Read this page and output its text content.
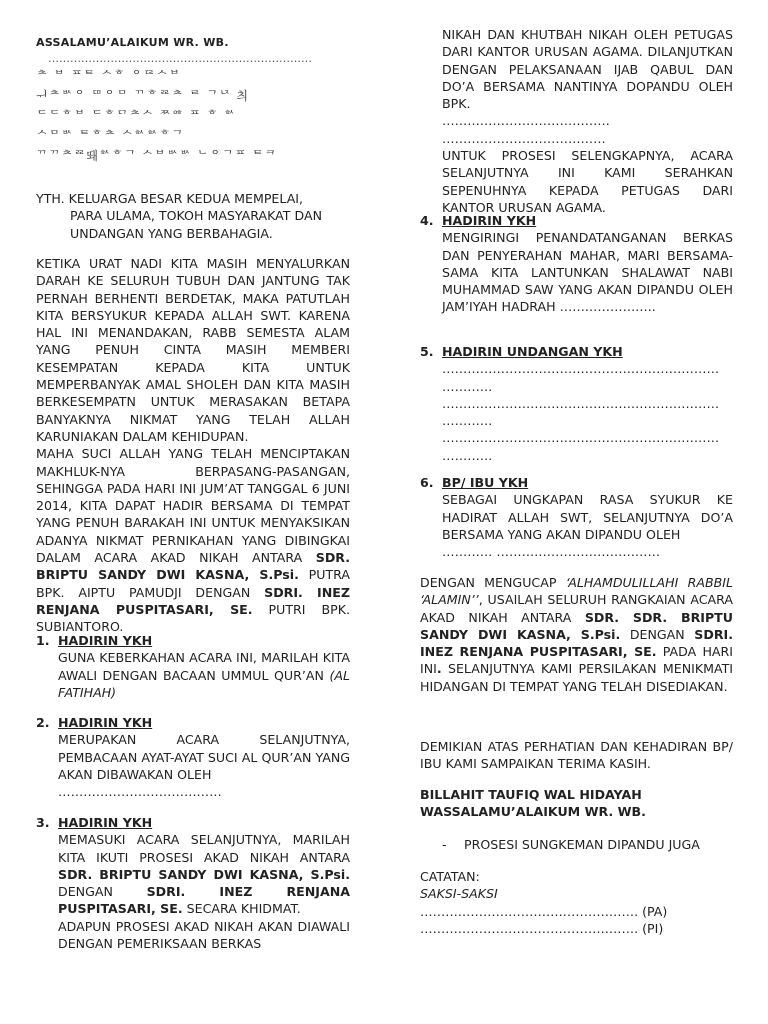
ASSALAMU’ALAIKUM WR. WB.

………………………………………………………………

ᄎ ᄇ ᄑᄐ ᄉᄒ ᄋᄃᄅᄉᄇ

ᅱᄎᄡᄋ ᄃᄆᄋᄆ ᄁᄒᄙᄎ ᄅ ᄀᄂᄌ 츼

ᄃᄃᄒᄇ ᄃᄒᄗᄎᄉ ᄍᄋᄒ ᄑ ᄒ ᄒᄉ

ᄉᄆᄡ ᄐᄒᄎ ᄉᄒᄉᄒᄉᄒᄀ

ᄁᄁᄎᄙ뙈ᄒᄉᄒᄀ ᄉᄇᄡᄡ ᄂᄋᄀᄑ ᄐᄏ

YTH. KELUARGA BESAR KEDUA MEMPELAI,

PARA ULAMA, TOKOH MASYARAKAT DAN UNDANGAN YANG BERBAHAGIA.

KETIKA URAT NADI KITA MASIH MENYALURKAN DARAH KE SELURUH TUBUH DAN JANTUNG TAK PERNAH BERHENTI BERDETAK, MAKA PATUTLAH KITA BERSYUKUR KEPADA ALLAH SWT. KARENA HAL INI MENANDAKAN, RABB SEMESTA ALAM YANG PENUH CINTA MASIH MEMBERI KESEMPATAN KEPADA KITA UNTUK MEMPERBANYAK AMAL SHOLEH DAN KITA MASIH BERKESEMPATN UNTUK MERASAKAN BETAPA BANYAKNYA NIKMAT YANG TELAH ALLAH KARUNIAKAN DALAM KEHIDUPAN.

MAHA SUCI ALLAH YANG TELAH MENCIPTAKAN MAKHLUK-NYA BERPASANG-PASANGAN, SEHINGGA PADA HARI INI JUM’AT TANGGAL 6 JUNI 2014, KITA DAPAT HADIR BERSAMA DI TEMPAT YANG PENUH BARAKAH INI UNTUK MENYAKSIKAN ADANYA NIKMAT PERNIKAHAN YANG DIBINGKAI DALAM ACARA AKAD NIKAH ANTARA SDR. BRIPTU SANDY DWI KASNA, S.Psi. PUTRA BPK. AIPTU PAMUDJI DENGAN SDRI. INEZ RENJANA PUSPITASARI, SE. PUTRI BPK. SUBIANTORO.

1. HADIRIN YKH

GUNA KEBERKAHAN ACARA INI, MARILAH KITA AWALI DENGAN BACAAN UMMUL QUR’AN (AL FATIHAH)

2. HADIRIN YKH

MERUPAKAN ACARA SELANJUTNYA, PEMBACAAN AYAT-AYAT SUCI AL QUR’AN YANG AKAN DIBAWAKAN OLEH

…………………………………

3. HADIRIN YKH

MEMASUKI ACARA SELANJUTNYA, MARILAH KITA IKUTI PROSESI AKAD NIKAH ANTARA SDR. BRIPTU SANDY DWI KASNA, S.Psi. DENGAN SDRI. INEZ RENJANA PUSPITASARI, SE. SECARA KHIDMAT.

ADAPUN PROSESI AKAD NIKAH AKAN DIAWALI DENGAN PEMERIKSAAN BERKAS

NIKAH DAN KHUTBAH NIKAH OLEH PETUGAS DARI KANTOR URUSAN AGAMA. DILANJUTKAN DENGAN PELAKSANAAN IJAB QABUL DAN DO’A BERSAMA NANTINYA DOPANDU OLEH BPK.

………………………………….

…………………………………

UNTUK PROSESI SELENGKAPNYA, ACARA SELANJUTNYA INI KAMI SERAHKAN SEPENUHNYA KEPADA PETUGAS DARI KANTOR URUSAN AGAMA.

4. HADIRIN YKH

MENGIRINGI PENANDATANGANAN BERKAS DAN PENYERAHAN MAHAR, MARI BERSAMA-SAMA KITA LANTUNKAN SHALAWAT NABI MUHAMMAD SAW YANG AKAN DIPANDU OLEH JAM’IYAH HADRAH …………………..

5. HADIRIN UNDANGAN YKH

…………………………………………………………

…………

…………………………………………………………

…………

…………………………………………………………

…………

6. BP/ IBU YKH

SEBAGAI UNGKAPAN RASA SYUKUR KE HADIRAT ALLAH SWT, SELANJUTNYA DO’A BERSAMA YANG AKAN DIPANDU OLEH

………… …………………………………

DENGAN MENGUCAP ‘ALHAMDULILLAHI RABBIL ‘ALAMIN’’, USAILAH SELURUH RANGKAIAN ACARA AKAD NIKAH ANTARA SDR. SDR. BRIPTU SANDY DWI KASNA, S.Psi. DENGAN SDRI. INEZ RENJANA PUSPITASARI, SE. PADA HARI INI. SELANJUTNYA KAMI PERSILAKAN MENIKMATI HIDANGAN DI TEMPAT YANG TELAH DISEDIAKAN.

DEMIKIAN ATAS PERHATIAN DAN KEHADIRAN BP/ IBU KAMI SAMPAIKAN TERIMA KASIH.

BILLAHIT TAUFIQ WAL HIDAYAH

WASSALAMU’ALAIKUM WR. WB.

- PROSESI SUNGKEMAN DIPANDU JUGA

CATATAN:

SAKSI-SAKSI

……………………………………………. (PA)

……………………………………………. (PI)
